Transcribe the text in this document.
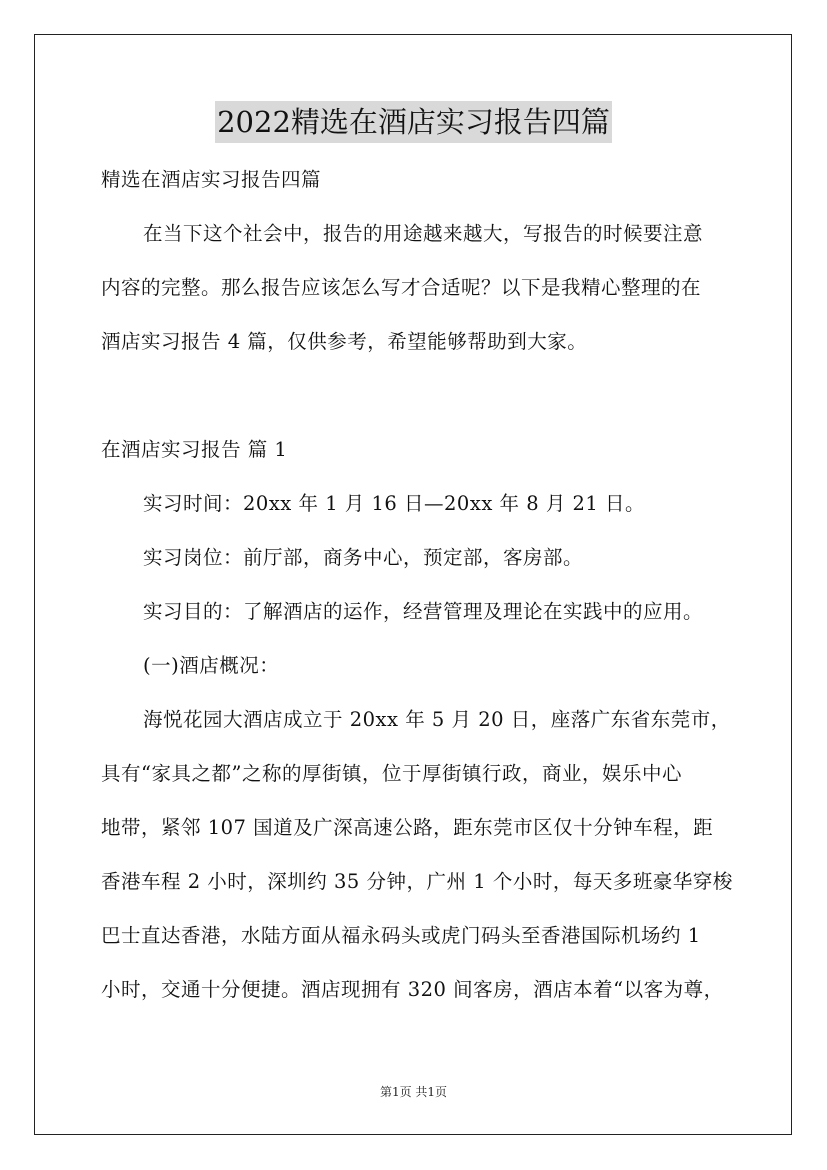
2022精选在酒店实习报告四篇
精选在酒店实习报告四篇
在当下这个社会中，报告的用途越来越大，写报告的时候要注意
内容的完整。那么报告应该怎么写才合适呢？以下是我精心整理的在
酒店实习报告 4 篇，仅供参考，希望能够帮助到大家。
在酒店实习报告 篇 1
实习时间：20xx 年 1 月 16 日—20xx 年 8 月 21 日。
实习岗位：前厅部，商务中心，预定部，客房部。
实习目的：了解酒店的运作，经营管理及理论在实践中的应用。
(一)酒店概况：
海悦花园大酒店成立于 20xx 年 5 月 20 日，座落广东省东莞市，
具有“家具之都”之称的厚街镇，位于厚街镇行政，商业，娱乐中心
地带，紧邻 107 国道及广深高速公路，距东莞市区仅十分钟车程，距
香港车程 2 小时，深圳约 35 分钟，广州 1 个小时，每天多班豪华穿梭
巴士直达香港，水陆方面从福永码头或虎门码头至香港国际机场约 1
小时，交通十分便捷。酒店现拥有 320 间客房，酒店本着“以客为尊，
第1页 共1页
